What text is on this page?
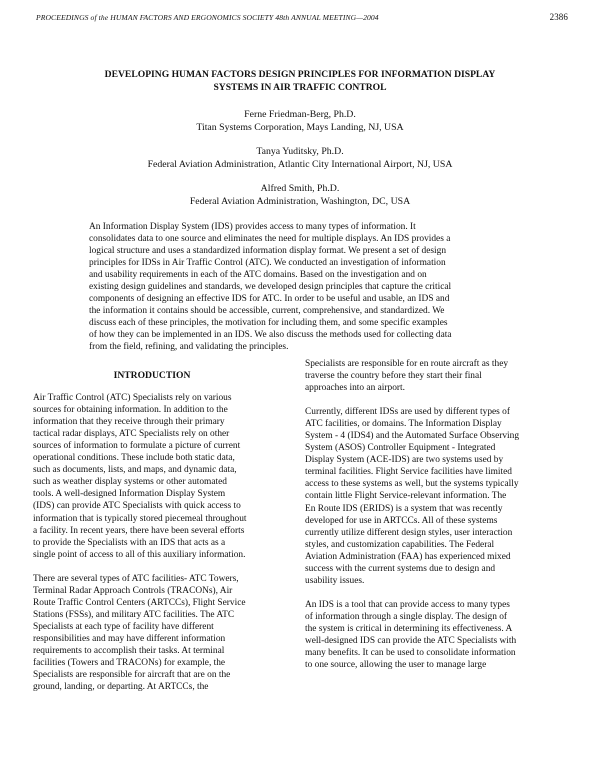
PROCEEDINGS of the HUMAN FACTORS AND ERGONOMICS SOCIETY 48th ANNUAL MEETING—2004	2386
DEVELOPING HUMAN FACTORS DESIGN PRINCIPLES FOR INFORMATION DISPLAY
SYSTEMS IN AIR TRAFFIC CONTROL
Ferne Friedman-Berg, Ph.D.
Titan Systems Corporation, Mays Landing, NJ, USA
Tanya Yuditsky, Ph.D.
Federal Aviation Administration, Atlantic City International Airport, NJ, USA
Alfred Smith, Ph.D.
Federal Aviation Administration, Washington, DC, USA
An Information Display System (IDS) provides access to many types of information. It
consolidates data to one source and eliminates the need for multiple displays. An IDS provides a
logical structure and uses a standardized information display format. We present a set of design
principles for IDSs in Air Traffic Control (ATC). We conducted an investigation of information
and usability requirements in each of the ATC domains. Based on the investigation and on
existing design guidelines and standards, we developed design principles that capture the critical
components of designing an effective IDS for ATC. In order to be useful and usable, an IDS and
the information it contains should be accessible, current, comprehensive, and standardized. We
discuss each of these principles, the motivation for including them, and some specific examples
of how they can be implemented in an IDS. We also discuss the methods used for collecting data
from the field, refining, and validating the principles.
INTRODUCTION

Air Traffic Control (ATC) Specialists rely on various
sources for obtaining information. In addition to the
information that they receive through their primary
tactical radar displays, ATC Specialists rely on other
sources of information to formulate a picture of current
operational conditions. These include both static data,
such as documents, lists, and maps, and dynamic data,
such as weather display systems or other automated
tools. A well-designed Information Display System
(IDS) can provide ATC Specialists with quick access to
information that is typically stored piecemeal throughout
a facility. In recent years, there have been several efforts
to provide the Specialists with an IDS that acts as a
single point of access to all of this auxiliary information.

There are several types of ATC facilities- ATC Towers,
Terminal Radar Approach Controls (TRACONs), Air
Route Traffic Control Centers (ARTCCs), Flight Service
Stations (FSSs), and military ATC facilities. The ATC
Specialists at each type of facility have different
responsibilities and may have different information
requirements to accomplish their tasks. At terminal
facilities (Towers and TRACONs) for example, the
Specialists are responsible for aircraft that are on the
ground, landing, or departing. At ARTCCs, the

Specialists are responsible for en route aircraft as they
traverse the country before they start their final
approaches into an airport.

Currently, different IDSs are used by different types of
ATC facilities, or domains. The Information Display
System - 4 (IDS4) and the Automated Surface Observing
System (ASOS) Controller Equipment - Integrated
Display System (ACE-IDS) are two systems used by
terminal facilities. Flight Service facilities have limited
access to these systems as well, but the systems typically
contain little Flight Service-relevant information. The
En Route IDS (ERIDS) is a system that was recently
developed for use in ARTCCs. All of these systems
currently utilize different design styles, user interaction
styles, and customization capabilities. The Federal
Aviation Administration (FAA) has experienced mixed
success with the current systems due to design and
usability issues.

An IDS is a tool that can provide access to many types
of information through a single display. The design of
the system is critical in determining its effectiveness. A
well-designed IDS can provide the ATC Specialists with
many benefits. It can be used to consolidate information
to one source, allowing the user to manage large
